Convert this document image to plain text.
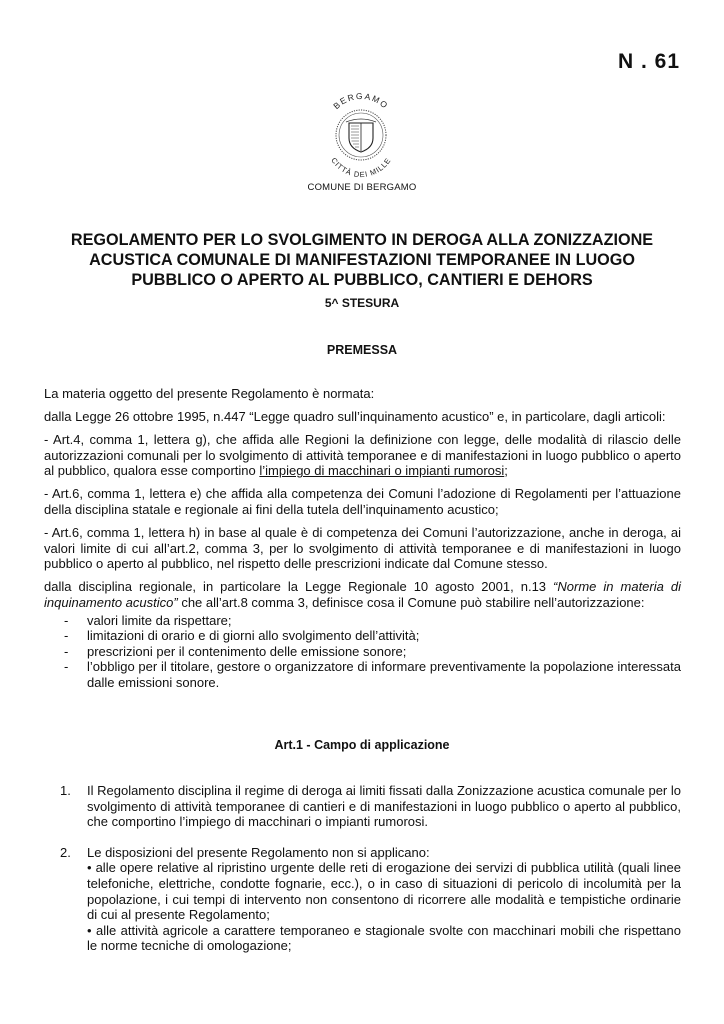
N . 61
BERGAMO
CITTÀ DEI MILLE
COMUNE DI BERGAMO
REGOLAMENTO PER LO SVOLGIMENTO IN DEROGA ALLA ZONIZZAZIONE
ACUSTICA COMUNALE DI MANIFESTAZIONI TEMPORANEE IN LUOGO
PUBBLICO O APERTO AL PUBBLICO, CANTIERI E DEHORS
5^ STESURA
PREMESSA

La materia oggetto del presente Regolamento è normata:

dalla Legge 26 ottobre 1995, n.447 “Legge quadro sull’inquinamento acustico” e, in particolare, dagli articoli:

- Art.4, comma 1, lettera g), che affida alle Regioni la definizione con legge, delle modalità di rilascio delle autorizzazioni comunali per lo svolgimento di attività temporanee e di manifestazioni in luogo pubblico o aperto al pubblico, qualora esse comportino l’impiego di macchinari o impianti rumorosi;

- Art.6, comma 1, lettera e) che affida alla competenza dei Comuni l’adozione di Regolamenti per l’attuazione della disciplina statale e regionale ai fini della tutela dell’inquinamento acustico;

- Art.6, comma 1, lettera h) in base al quale è di competenza dei Comuni l’autorizzazione, anche in deroga, ai valori limite di cui all’art.2, comma 3, per lo svolgimento di attività temporanee e di manifestazioni in luogo pubblico o aperto al pubblico, nel rispetto delle prescrizioni indicate dal Comune stesso.

dalla disciplina regionale, in particolare la Legge Regionale 10 agosto 2001, n.13 “Norme in materia di inquinamento acustico” che all’art.8 comma 3, definisce cosa il Comune può stabilire nell’autorizzazione:

- valori limite da rispettare;
- limitazioni di orario e di giorni allo svolgimento dell’attività;
- prescrizioni per il contenimento delle emissione sonore;
- l’obbligo per il titolare, gestore o organizzatore di informare preventivamente la popolazione interessata dalle emissioni sonore.
Art.1 - Campo di applicazione
1. Il Regolamento disciplina il regime di deroga ai limiti fissati dalla Zonizzazione acustica comunale per lo svolgimento di attività temporanee di cantieri e di manifestazioni in luogo pubblico o aperto al pubblico, che comportino l’impiego di macchinari o impianti rumorosi.
2. Le disposizioni del presente Regolamento non si applicano:
• alle opere relative al ripristino urgente delle reti di erogazione dei servizi di pubblica utilità (quali linee telefoniche, elettriche, condotte fognarie, ecc.), o in caso di situazioni di pericolo di incolumità per la popolazione, i cui tempi di intervento non consentono di ricorrere alle modalità e tempistiche ordinarie di cui al presente Regolamento;
• alle attività agricole a carattere temporaneo e stagionale svolte con macchinari mobili che rispettano le norme tecniche di omologazione;
